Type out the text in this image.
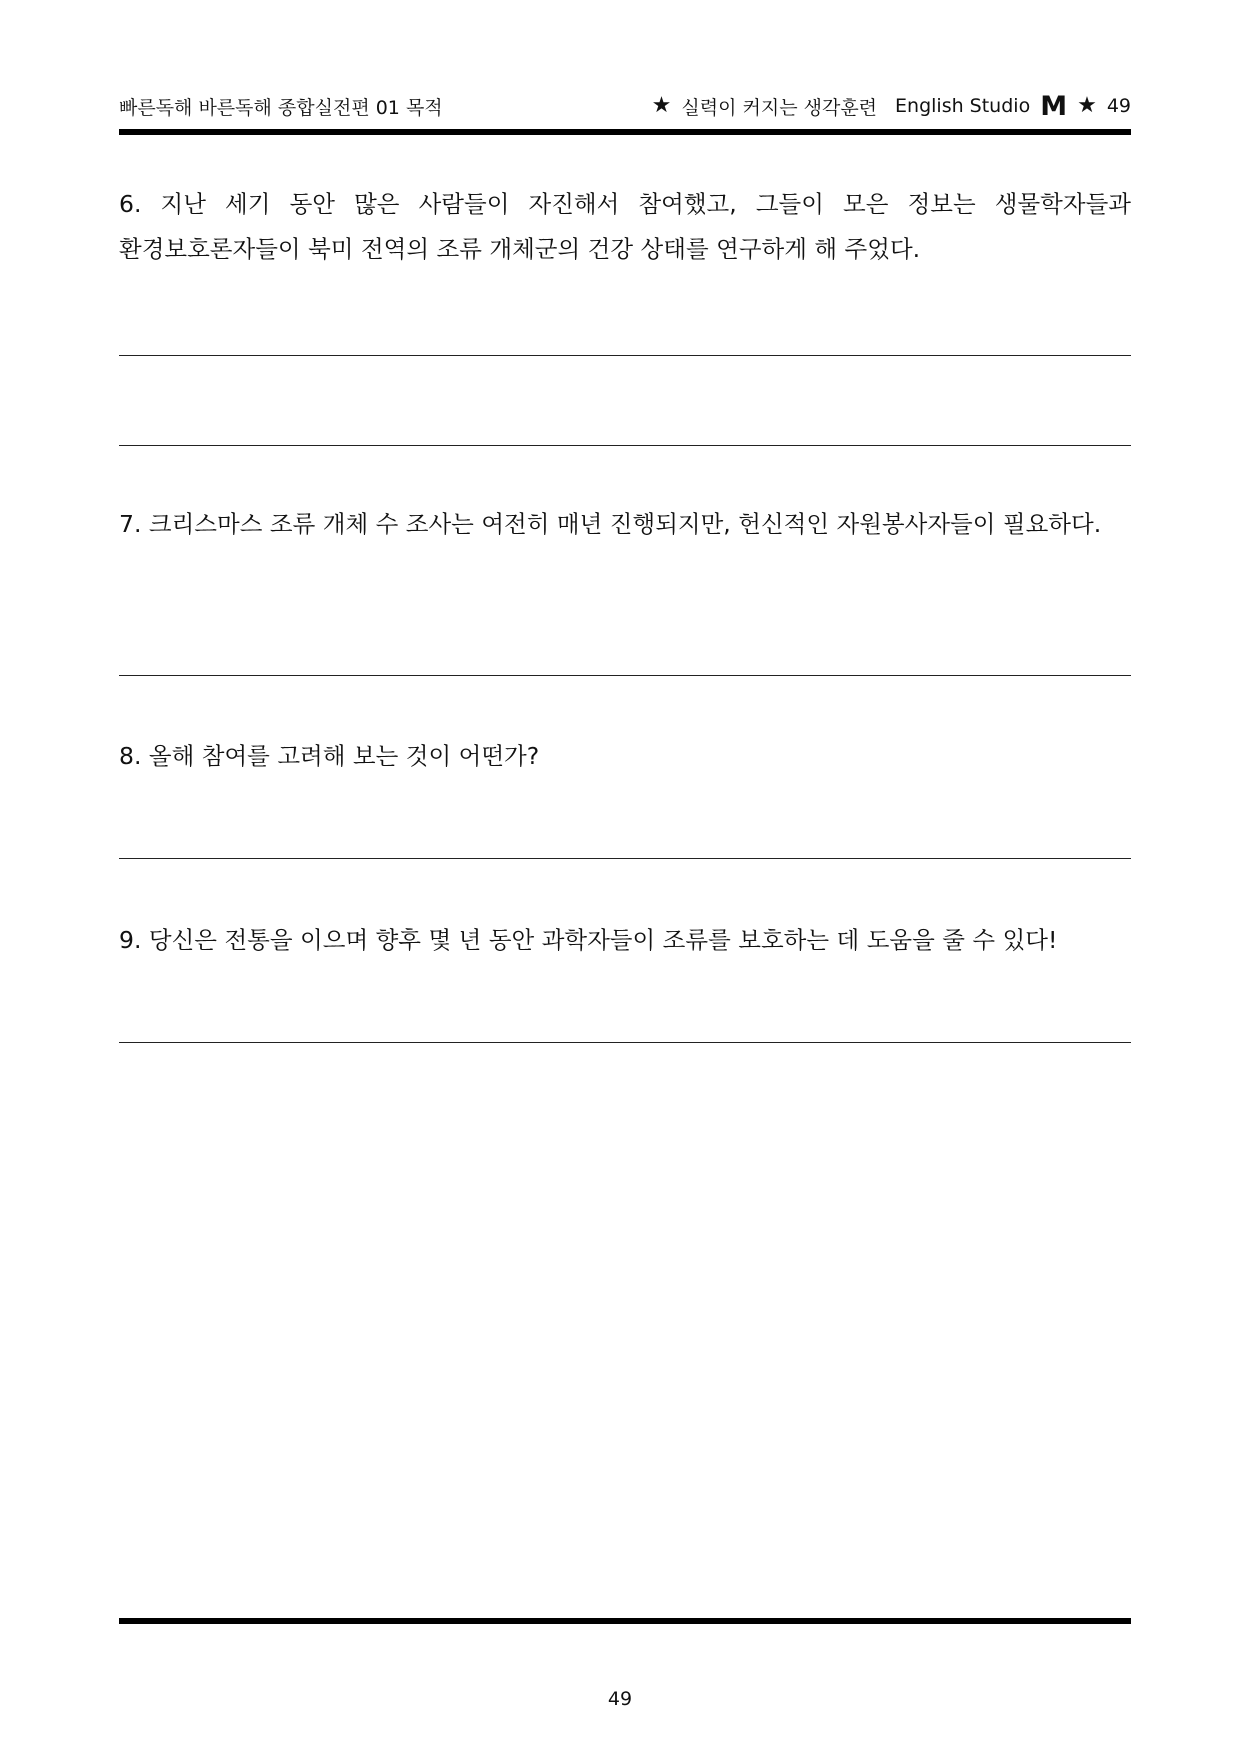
빠른독해 바른독해 종합실전편 01 목적	★ 실력이 커지는 생각훈련 English Studio M ★ 49
6. 지난 세기 동안 많은 사람들이 자진해서 참여했고, 그들이 모은 정보는 생물학자들과 환경보호론자들이 북미 전역의 조류 개체군의 건강 상태를 연구하게 해 주었다.
7. 크리스마스 조류 개체 수 조사는 여전히 매년 진행되지만, 헌신적인 자원봉사자들이 필요하다.
8. 올해 참여를 고려해 보는 것이 어떤가?
9. 당신은 전통을 이으며 향후 몇 년 동안 과학자들이 조류를 보호하는 데 도움을 줄 수 있다!
49
